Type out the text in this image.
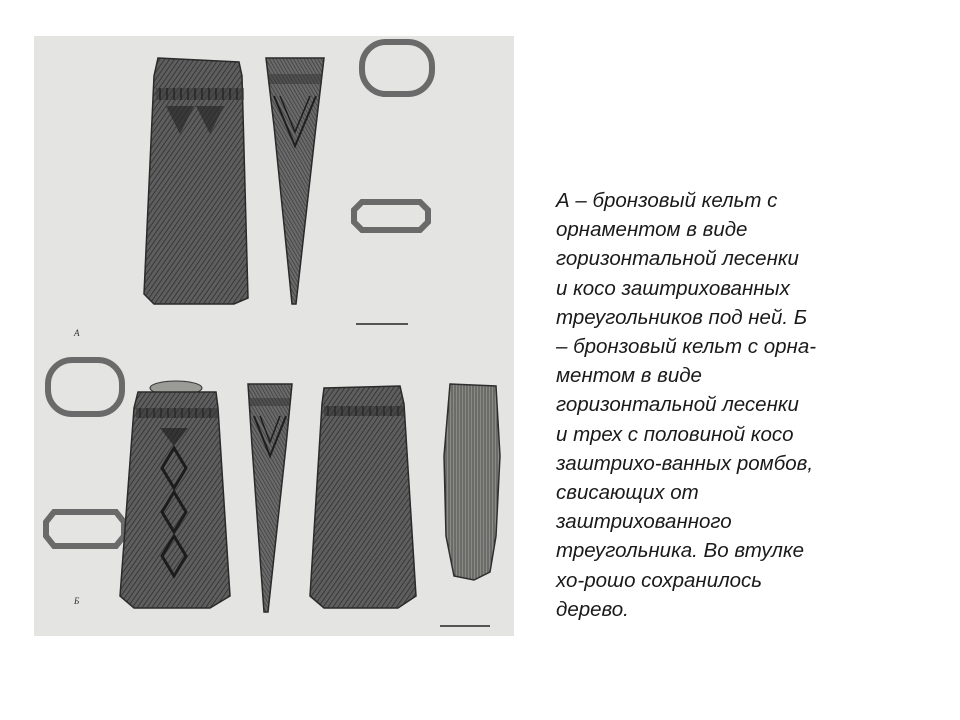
А
Б
А – бронзовый кельт с
орнаментом в виде
горизонтальной лесенки
и косо заштрихованных
треугольников под ней. Б
– бронзовый кельт с орна-
ментом в виде
горизонтальной лесенки
и трех с половиной косо
заштрихо-ванных ромбов,
свисающих от
заштрихованного
треугольника. Во втулке
хо-рошо сохранилось
дерево.
